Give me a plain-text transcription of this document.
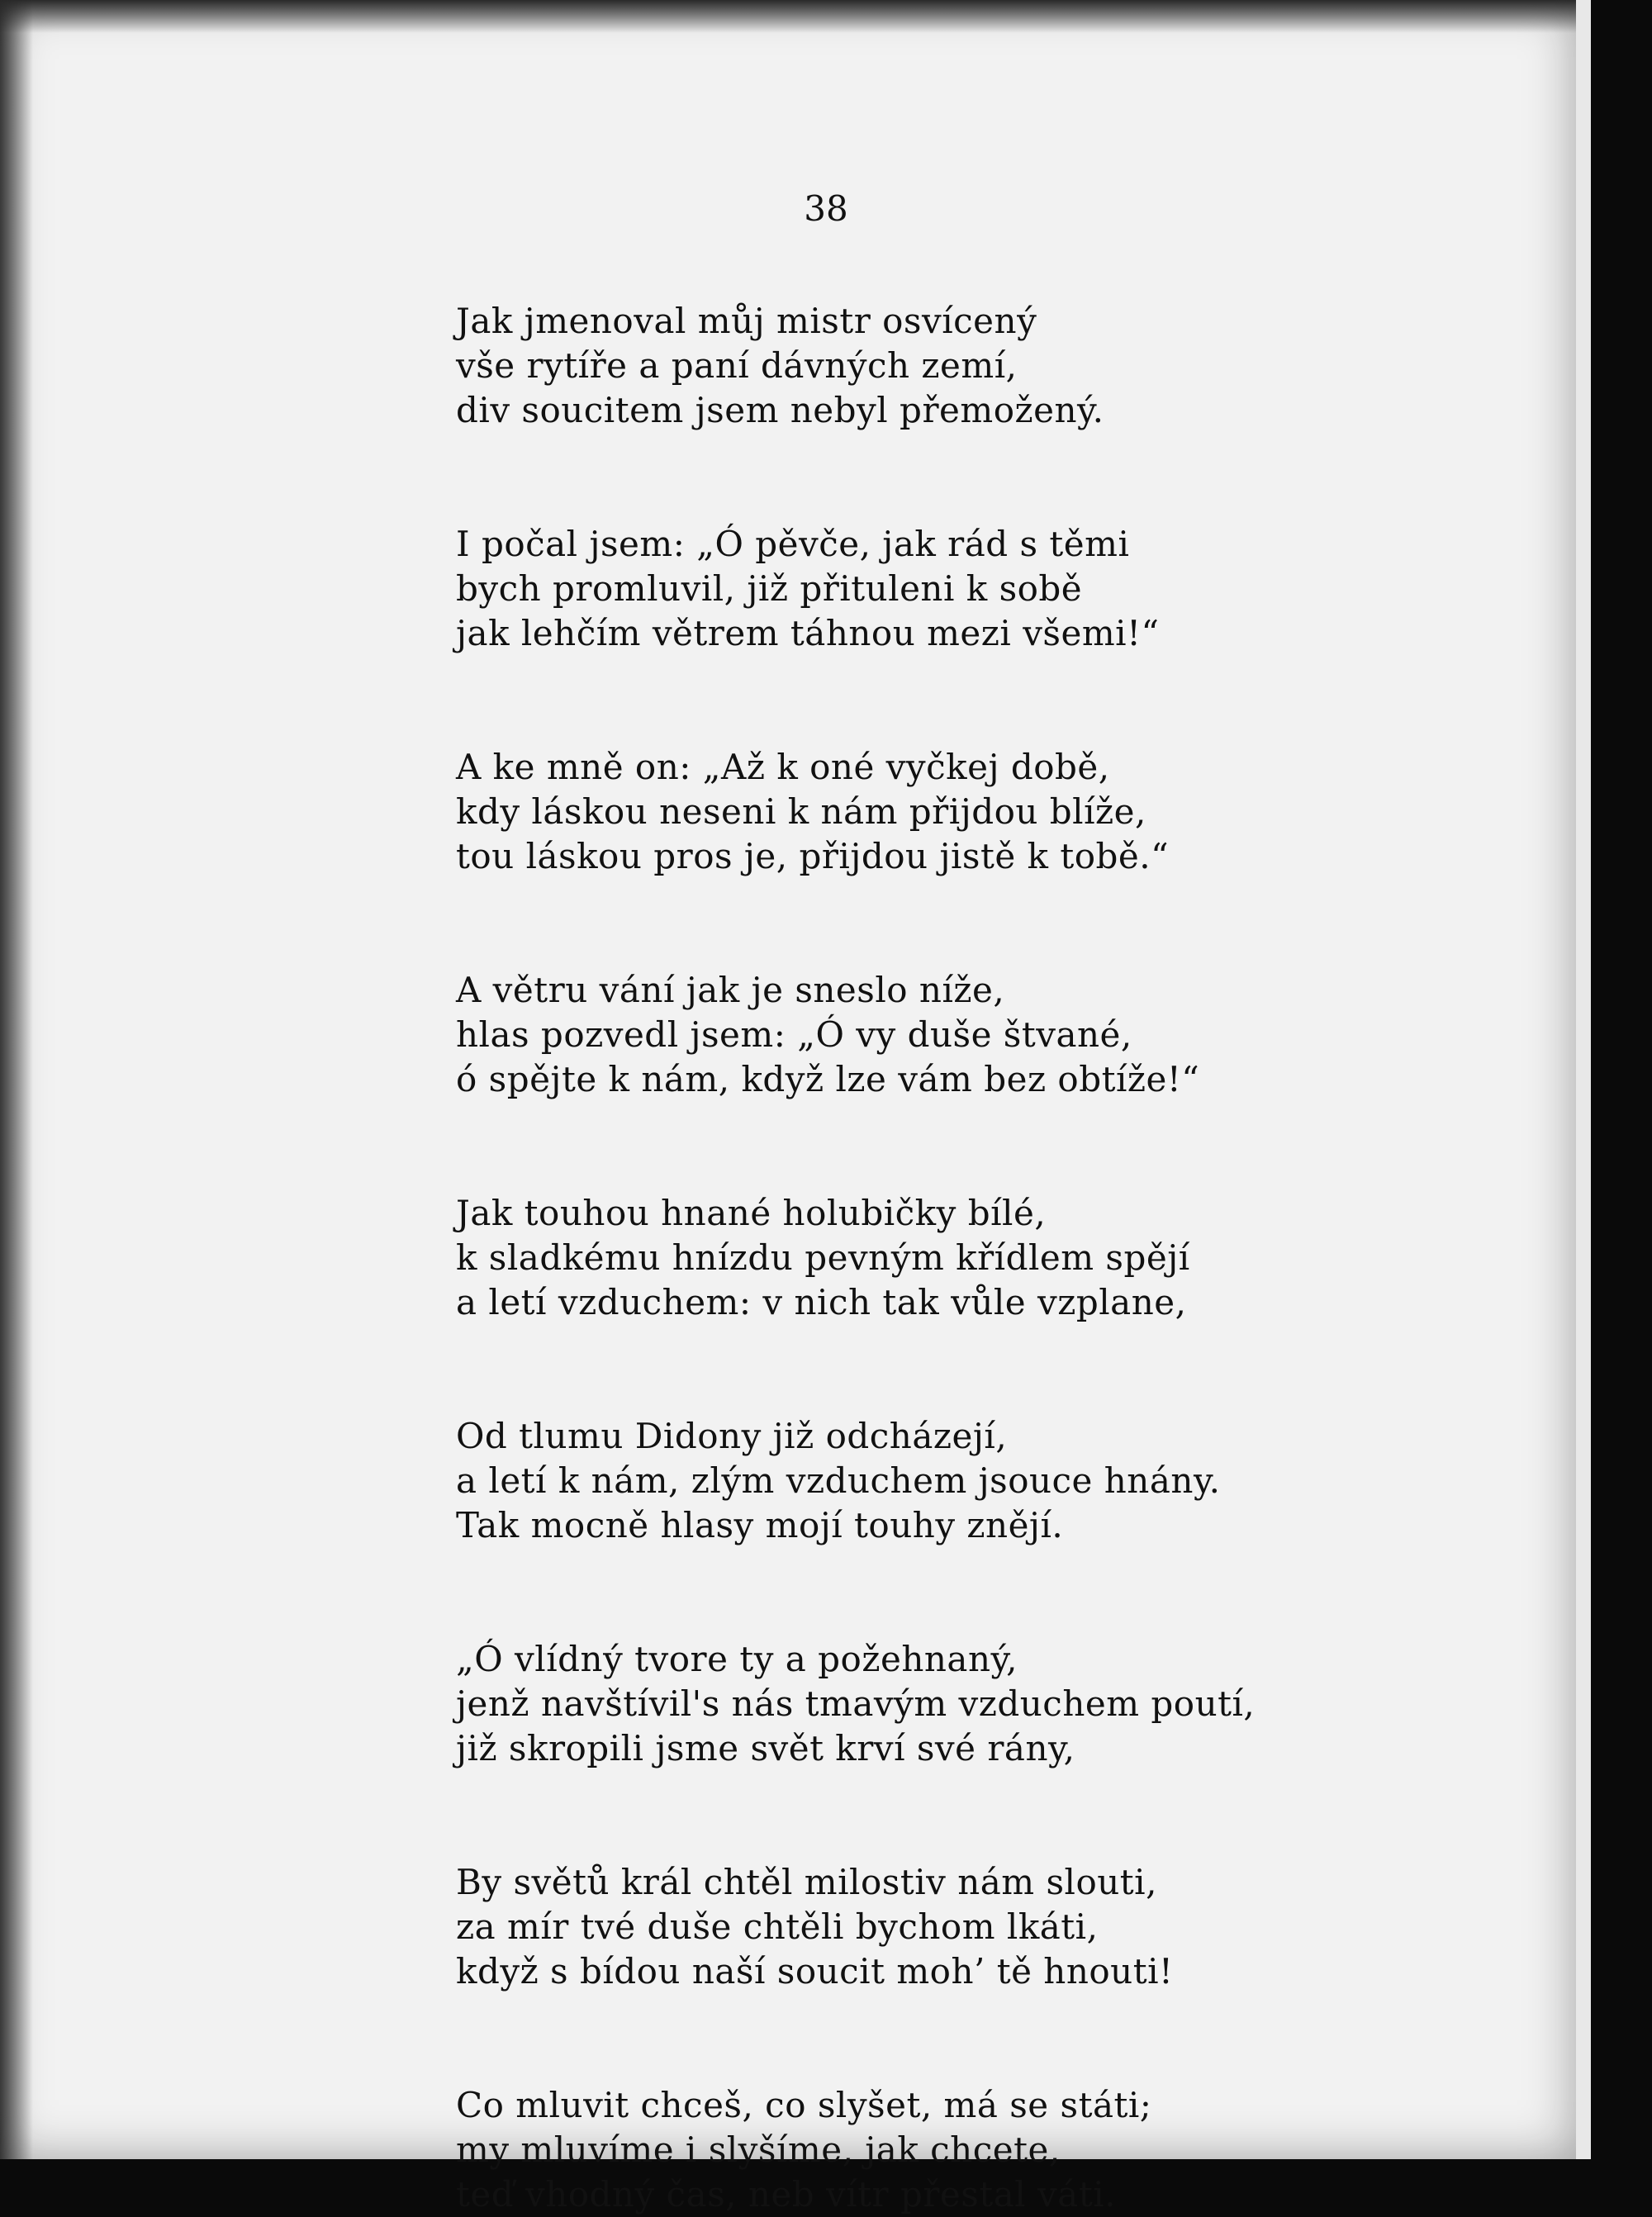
38
Jak jmenoval můj mistr osvícený
vše rytíře a paní dávných zemí,
div soucitem jsem nebyl přemožený.
I počal jsem: „Ó pěvče, jak rád s těmi
bych promluvil, již přituleni k sobě
jak lehčím větrem táhnou mezi všemi!“
A ke mně on: „Až k oné vyčkej době,
kdy láskou neseni k nám přijdou blíže,
tou láskou pros je, přijdou jistě k tobě.“
A větru vání jak je sneslo níže,
hlas pozvedl jsem: „Ó vy duše štvané,
ó spějte k nám, když lze vám bez obtíže!“
Jak touhou hnané holubičky bílé,
k sladkému hnízdu pevným křídlem spějí
a letí vzduchem: v nich tak vůle vzplane,
Od tlumu Didony již odcházejí,
a letí k nám, zlým vzduchem jsouce hnány.
Tak mocně hlasy mojí touhy znějí.
„Ó vlídný tvore ty a požehnaný,
jenž navštívil's nás tmavým vzduchem poutí,
již skropili jsme svět krví své rány,
By světů král chtěl milostiv nám slouti,
za mír tvé duše chtěli bychom lkáti,
když s bídou naší soucit moh’ tě hnouti!
Co mluvit chceš, co slyšet, má se státi;
my mluvíme i slyšíme, jak chcete,
teď vhodný čas, neb vítr přestal váti.
